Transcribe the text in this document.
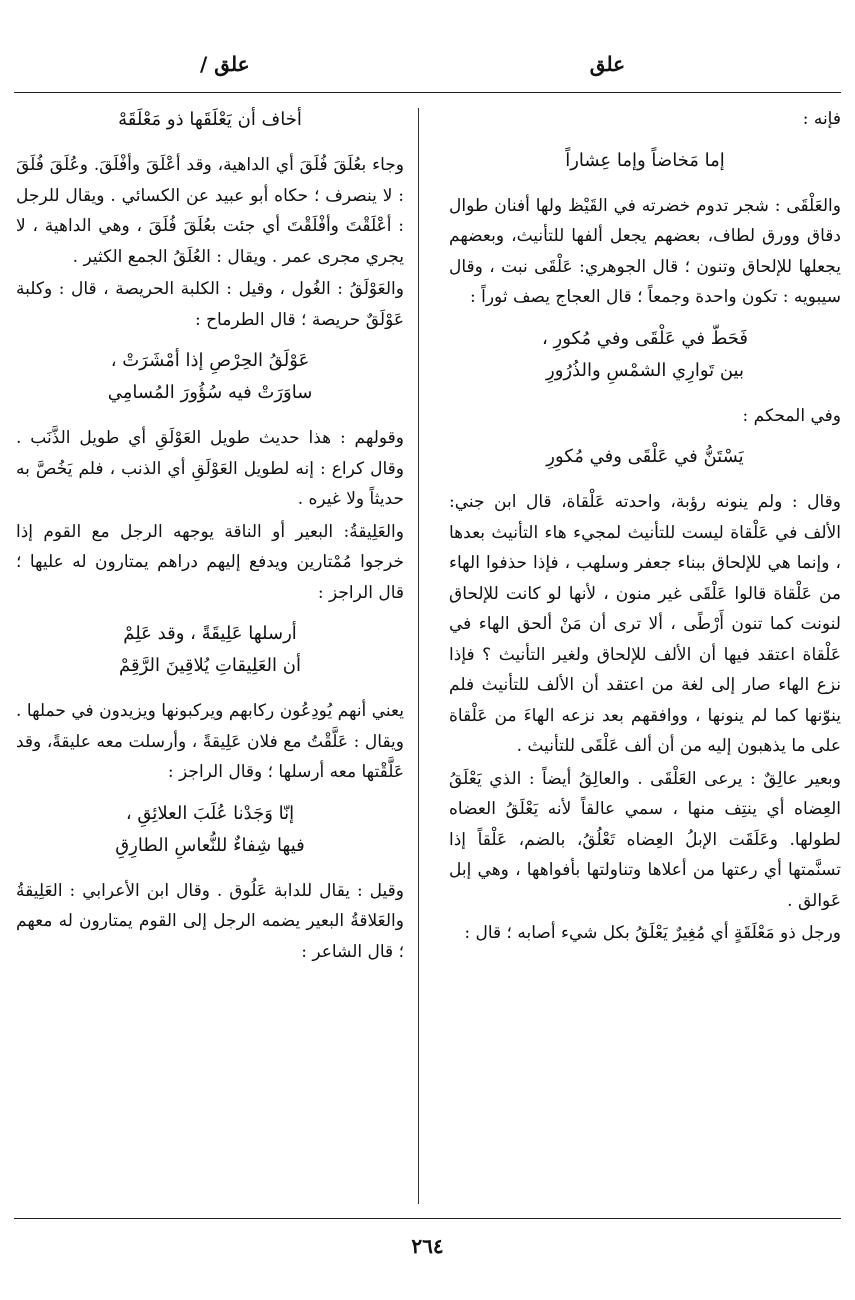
علق
علق /

فإنه :

إما مَخاضاً وإما عِشاراً

والعَلْقَى : شجر تدوم خضرته في القَيْظ ولها أفنان طوال دقاق وورق لطاف، بعضهم يجعل ألفها للتأنيث، وبعضهم يجعلها للإلحاق وتنون ؛ قال الجوهري: عَلْقَى نبت ، وقال سيبويه : تكون واحدة وجمعاً ؛ قال العجاج يصف ثوراً :

فَحَطّ في عَلْقَى وفي مُكورِ ،
بين تَوارِي الشمْسِ والذُرُورِ

وفي المحكم :

يَسْتَنُّ في عَلْقَى وفي مُكورِ

وقال : ولم ينونه رؤبة، واحدته عَلْقاة، قال ابن جني: الألف في عَلْقاة ليست للتأنيث لمجيء هاء التأنيث بعدها ، وإنما هي للإلحاق ببناء جعفر وسلهب ، فإذا حذفوا الهاء من عَلْقاة قالوا عَلْقَى غير منون ، لأنها لو كانت للإلحاق لنونت كما تنون أَرْطًى ، ألا ترى أن مَنْ ألحق الهاء في عَلْقاة اعتقد فيها أن الألف للإلحاق ولغير التأنيث ؟ فإذا نزع الهاء صار إلى لغة من اعتقد أن الألف للتأنيث فلم ينوّنها كما لم ينونها ، ووافقهم بعد نزعه الهاءَ من عَلْقاة على ما يذهبون إليه من أن ألف عَلْقَى للتأنيث .

وبعير عالِقٌ : يرعى العَلْقَى . والعالِقُ أيضاً : الذي يَعْلَقُ العِضاه أي ينتِف منها ، سمي عالقاً لأنه يَعْلَقُ العضاه لطولها. وعَلَقَت الإبلُ العِضاه تَعْلُقُ، بالضم، عَلْقاً إذا تسنَّمتها أي رعتها من أعلاها وتناولتها بأفواهها ، وهي إبل عَوالق .

ورجل ذو مَعْلَقَةٍ أي مُغِيرٌ يَعْلَقُ بكل شيء أصابه ؛ قال :

أخاف أن يَعْلَقَها ذو مَعْلَقَهْ

وجاء بعُلَقَ فُلَقَ أي الداهية، وقد أعْلَقَ وأفْلَقَ. وعُلَقَ فُلَقَ : لا ينصرف ؛ حكاه أبو عبيد عن الكسائي . ويقال للرجل : أعْلَقْتَ وأفْلَقْتَ أي جئت بعُلَقَ فُلَقَ ، وهي الداهية ، لا يجري مجرى عمر . ويقال : العُلَقُ الجمع الكثير .

والعَوْلَقُ : الغُول ، وقيل : الكلبة الحريصة ، قال : وكلبة عَوْلَقٌ حريصة ؛ قال الطرماح :

عَوْلَقُ الحِرْصِ إذا أمْشَرَتْ ،
ساوَرَتْ فيه سُؤُورَ المُسامِي

وقولهم : هذا حديث طويل العَوْلَقِ أي طويل الذَّنَب . وقال كراع : إنه لطويل العَوْلَقِ أي الذنب ، فلم يَخُصَّ به حديثاً ولا غيره .

والعَلِيقةُ: البعير أو الناقة يوجهه الرجل مع القوم إذا خرجوا مُمْتارين ويدفع إليهم دراهم يمتارون له عليها ؛ قال الراجز :

أرسلها عَلِيقَةً ، وقد عَلِمْ
أن العَلِيقاتِ يُلاقِينَ الرَّقِمْ

يعني أنهم يُودِعُون ركابهم ويركبونها ويزيدون في حملها . ويقال : عَلَّقْتُ مع فلان عَلِيقةً ، وأرسلت معه عليقةً، وقد عَلَّقْتها معه أرسلها ؛ وقال الراجز :

إنّا وَجَدْنا عُلَبَ العلائِقِ ،
فيها شِفاءٌ للنُّعاسِ الطارِقِ

وقيل : يقال للدابة عَلُوق . وقال ابن الأعرابي : العَلِيقةُ والعَلاقةُ البعير يضمه الرجل إلى القوم يمتارون له معهم ؛ قال الشاعر :

٢٦٤
